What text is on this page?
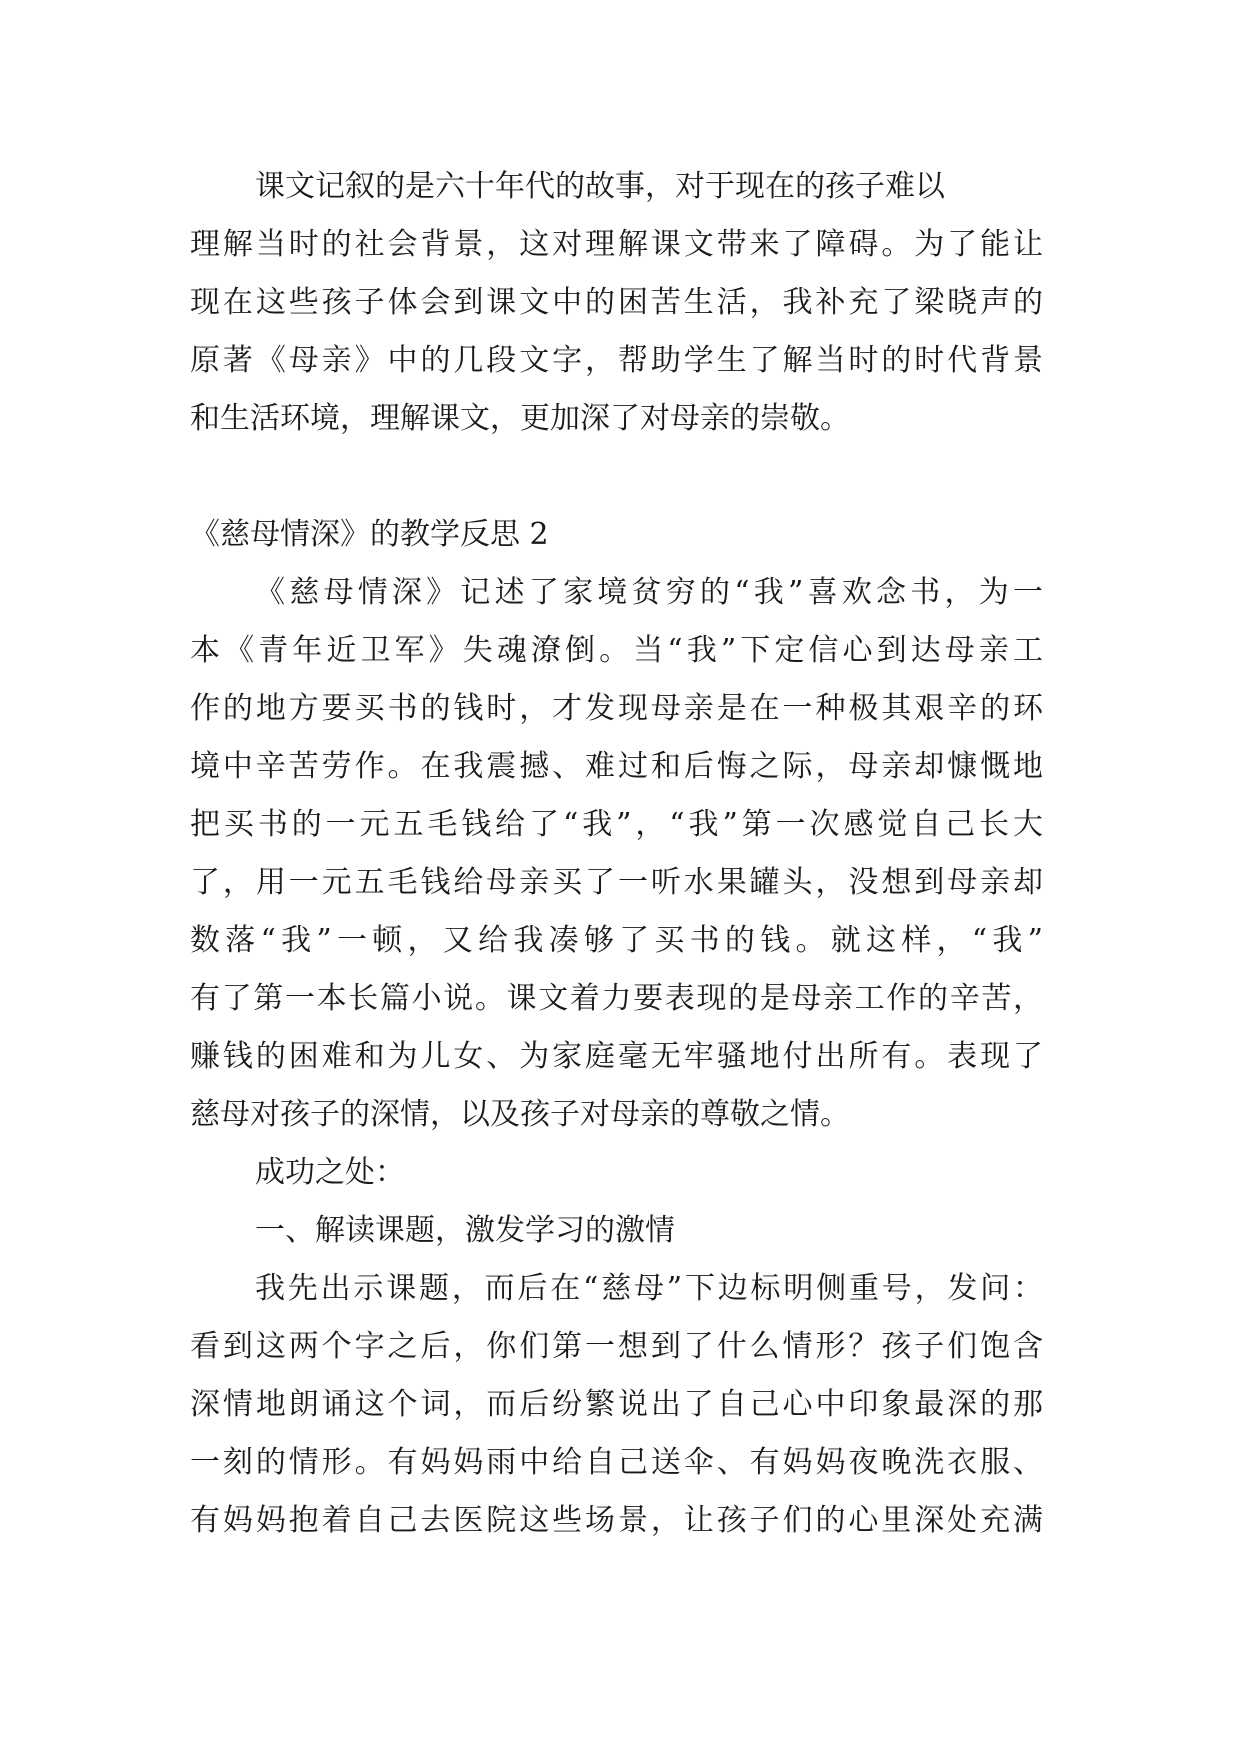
课文记叙的是六十年代的故事，对于现在的孩子难以
理解当时的社会背景，这对理解课文带来了障碍。为了能让
现在这些孩子体会到课文中的困苦生活，我补充了梁晓声的
原著《母亲》中的几段文字，帮助学生了解当时的时代背景
和生活环境，理解课文，更加深了对母亲的崇敬。
《慈母情深》的教学反思 2
《慈母情深》记述了家境贫穷的“我”喜欢念书，为一
本《青年近卫军》失魂潦倒。当“我”下定信心到达母亲工
作的地方要买书的钱时，才发现母亲是在一种极其艰辛的环
境中辛苦劳作。在我震撼、难过和后悔之际，母亲却慷慨地
把买书的一元五毛钱给了“我”，“我”第一次感觉自己长大
了，用一元五毛钱给母亲买了一听水果罐头，没想到母亲却
数落“我”一顿，又给我凑够了买书的钱。就这样，“我”
有了第一本长篇小说。课文着力要表现的是母亲工作的辛苦，
赚钱的困难和为儿女、为家庭毫无牢骚地付出所有。表现了
慈母对孩子的深情，以及孩子对母亲的尊敬之情。
成功之处：
一、解读课题，激发学习的激情
我先出示课题，而后在“慈母”下边标明侧重号，发问：
看到这两个字之后，你们第一想到了什么情形？孩子们饱含
深情地朗诵这个词，而后纷繁说出了自己心中印象最深的那
一刻的情形。有妈妈雨中给自己送伞、有妈妈夜晚洗衣服、
有妈妈抱着自己去医院这些场景，让孩子们的心里深处充满
